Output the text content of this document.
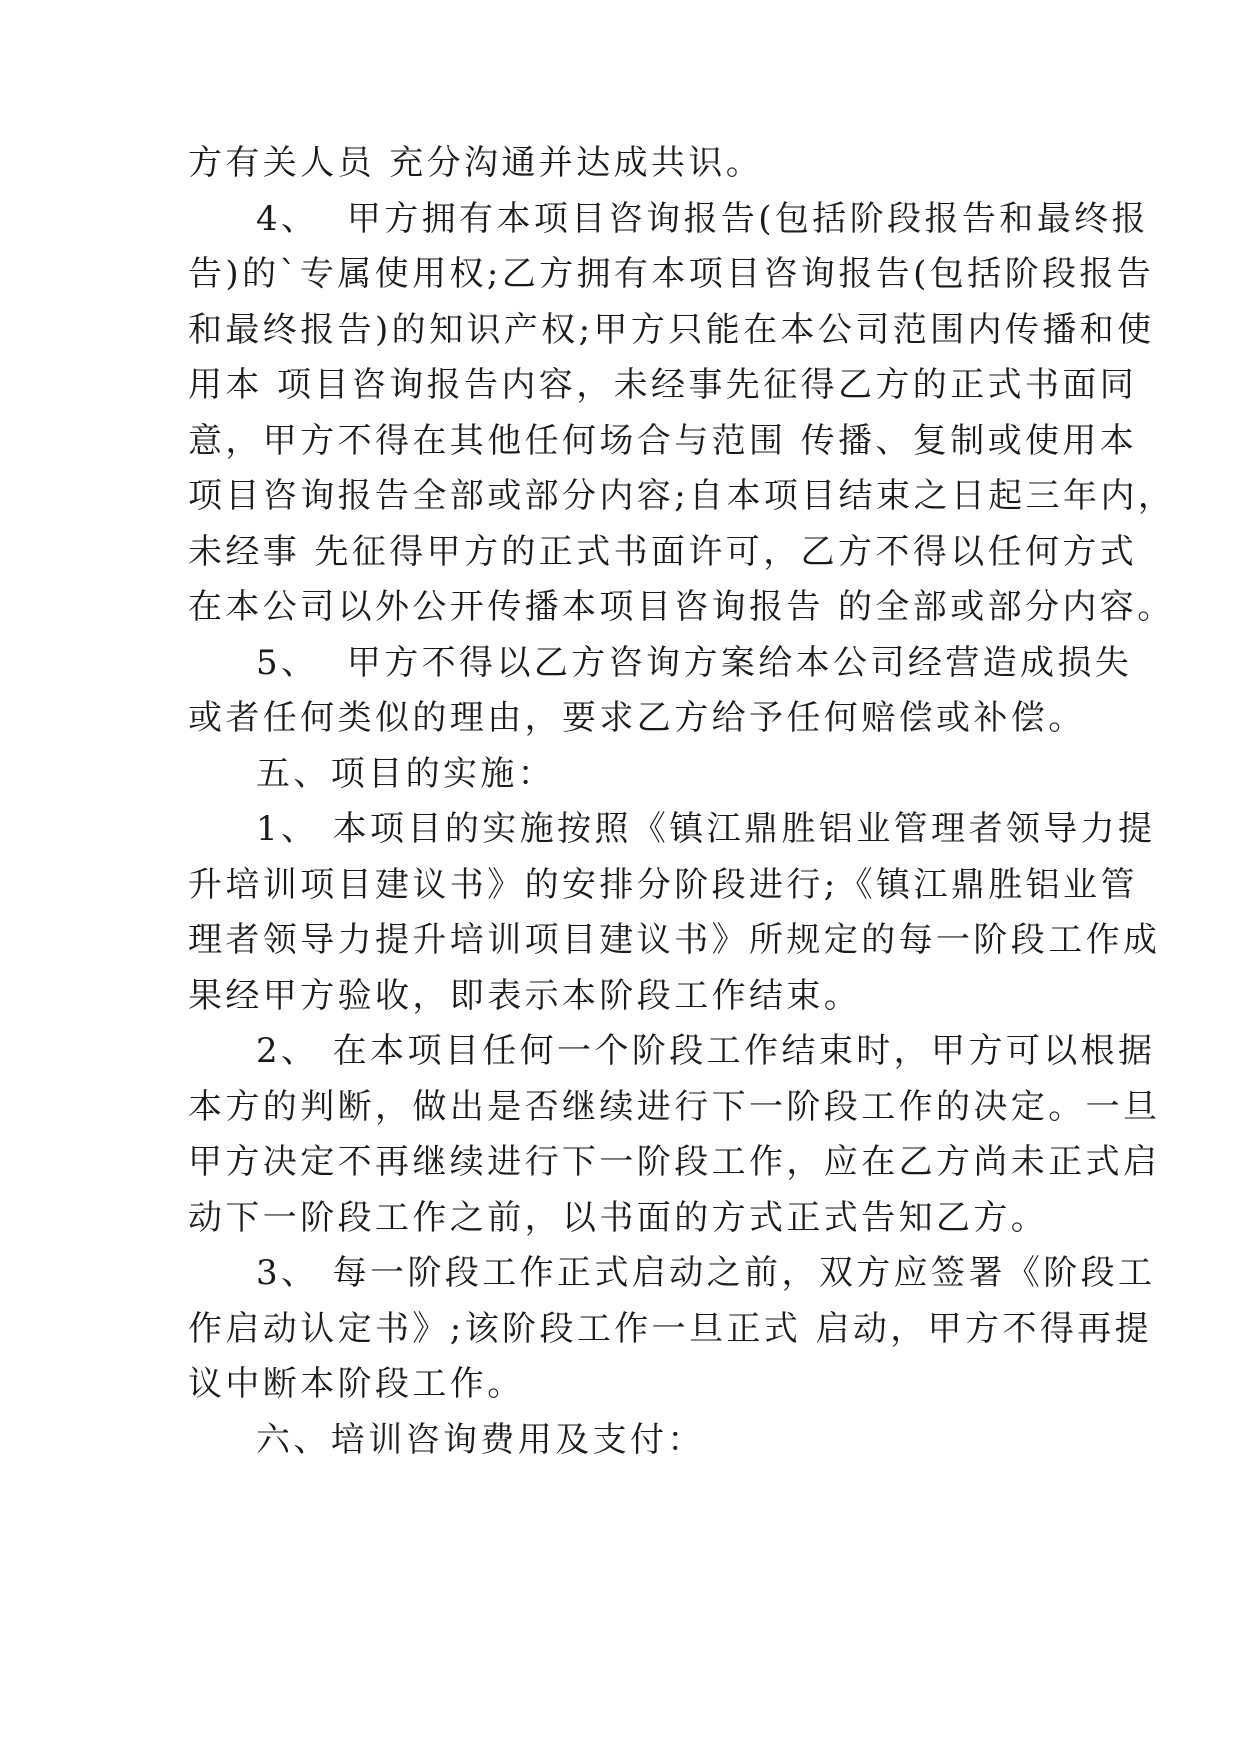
方有关人员 充分沟通并达成共识。
4、  甲方拥有本项目咨询报告(包括阶段报告和最终报
告)的`专属使用权;乙方拥有本项目咨询报告(包括阶段报告
和最终报告)的知识产权;甲方只能在本公司范围内传播和使
用本 项目咨询报告内容，未经事先征得乙方的正式书面同
意，甲方不得在其他任何场合与范围 传播、复制或使用本
项目咨询报告全部或部分内容;自本项目结束之日起三年内，
未经事 先征得甲方的正式书面许可，乙方不得以任何方式
在本公司以外公开传播本项目咨询报告 的全部或部分内容。
5、  甲方不得以乙方咨询方案给本公司经营造成损失
或者任何类似的理由，要求乙方给予任何赔偿或补偿。
五、项目的实施：
1、 本项目的实施按照《镇江鼎胜铝业管理者领导力提
升培训项目建议书》的安排分阶段进行;《镇江鼎胜铝业管
理者领导力提升培训项目建议书》所规定的每一阶段工作成
果经甲方验收，即表示本阶段工作结束。
2、 在本项目任何一个阶段工作结束时，甲方可以根据
本方的判断，做出是否继续进行下一阶段工作的决定。一旦
甲方决定不再继续进行下一阶段工作，应在乙方尚未正式启
动下一阶段工作之前，以书面的方式正式告知乙方。
3、 每一阶段工作正式启动之前，双方应签署《阶段工
作启动认定书》;该阶段工作一旦正式 启动，甲方不得再提
议中断本阶段工作。
六、培训咨询费用及支付：
